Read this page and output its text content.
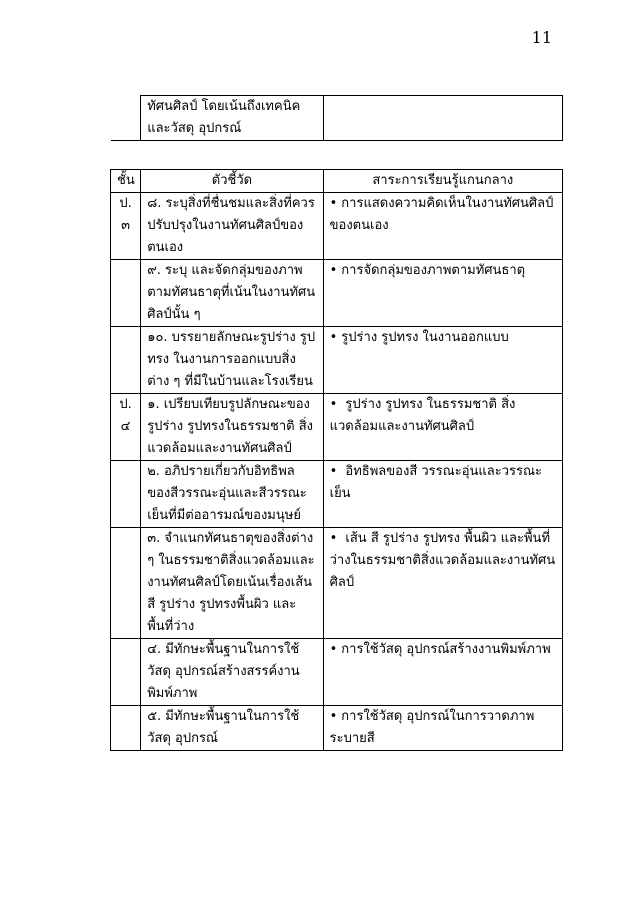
11
	ทัศนศิลป์ โดยเน้นถึงเทคนิคและวัสดุ อุปกรณ์	

ชั้น	ตัวชี้วัด	สาระการเรียนรู้แกนกลาง
ป. ๓	๘. ระบุสิ่งที่ชื่นชมและสิ่งที่ควรปรับปรุงในงานทัศนศิลป์ของตนเอง	• การแสดงความคิดเห็นในงานทัศนศิลป์ของตนเอง
	๙. ระบุ และจัดกลุ่มของภาพตามทัศนธาตุที่เน้นในงานทัศนศิลป์นั้น ๆ	• การจัดกลุ่มของภาพตามทัศนธาตุ
	๑๐. บรรยายลักษณะรูปร่าง รูปทรง ในงานการออกแบบสิ่งต่าง ๆ ที่มีในบ้านและโรงเรียน	• รูปร่าง รูปทรง ในงานออกแบบ
ป. ๔	๑. เปรียบเทียบรูปลักษณะของรูปร่าง รูปทรงในธรรมชาติ สิ่งแวดล้อมและงานทัศนศิลป์	• รูปร่าง รูปทรง ในธรรมชาติ สิ่งแวดล้อมและงานทัศนศิลป์
	๒. อภิปรายเกี่ยวกับอิทธิพลของสีวรรณะอุ่นและสีวรรณะเย็นที่มีต่ออารมณ์ของมนุษย์	• อิทธิพลของสี วรรณะอุ่นและวรรณะเย็น
	๓. จำแนกทัศนธาตุของสิ่งต่าง ๆ ในธรรมชาติสิ่งแวดล้อมและงานทัศนศิลป์โดยเน้นเรื่องเส้น สี รูปร่าง รูปทรงพื้นผิว และพื้นที่ว่าง	• เส้น สี รูปร่าง รูปทรง พื้นผิว และพื้นที่ว่างในธรรมชาติสิ่งแวดล้อมและงานทัศนศิลป์
	๔. มีทักษะพื้นฐานในการใช้วัสดุ อุปกรณ์สร้างสรรค์งานพิมพ์ภาพ	• การใช้วัสดุ อุปกรณ์สร้างงานพิมพ์ภาพ
	๕. มีทักษะพื้นฐานในการใช้วัสดุ อุปกรณ์	• การใช้วัสดุ อุปกรณ์ในการวาดภาพระบายสี
